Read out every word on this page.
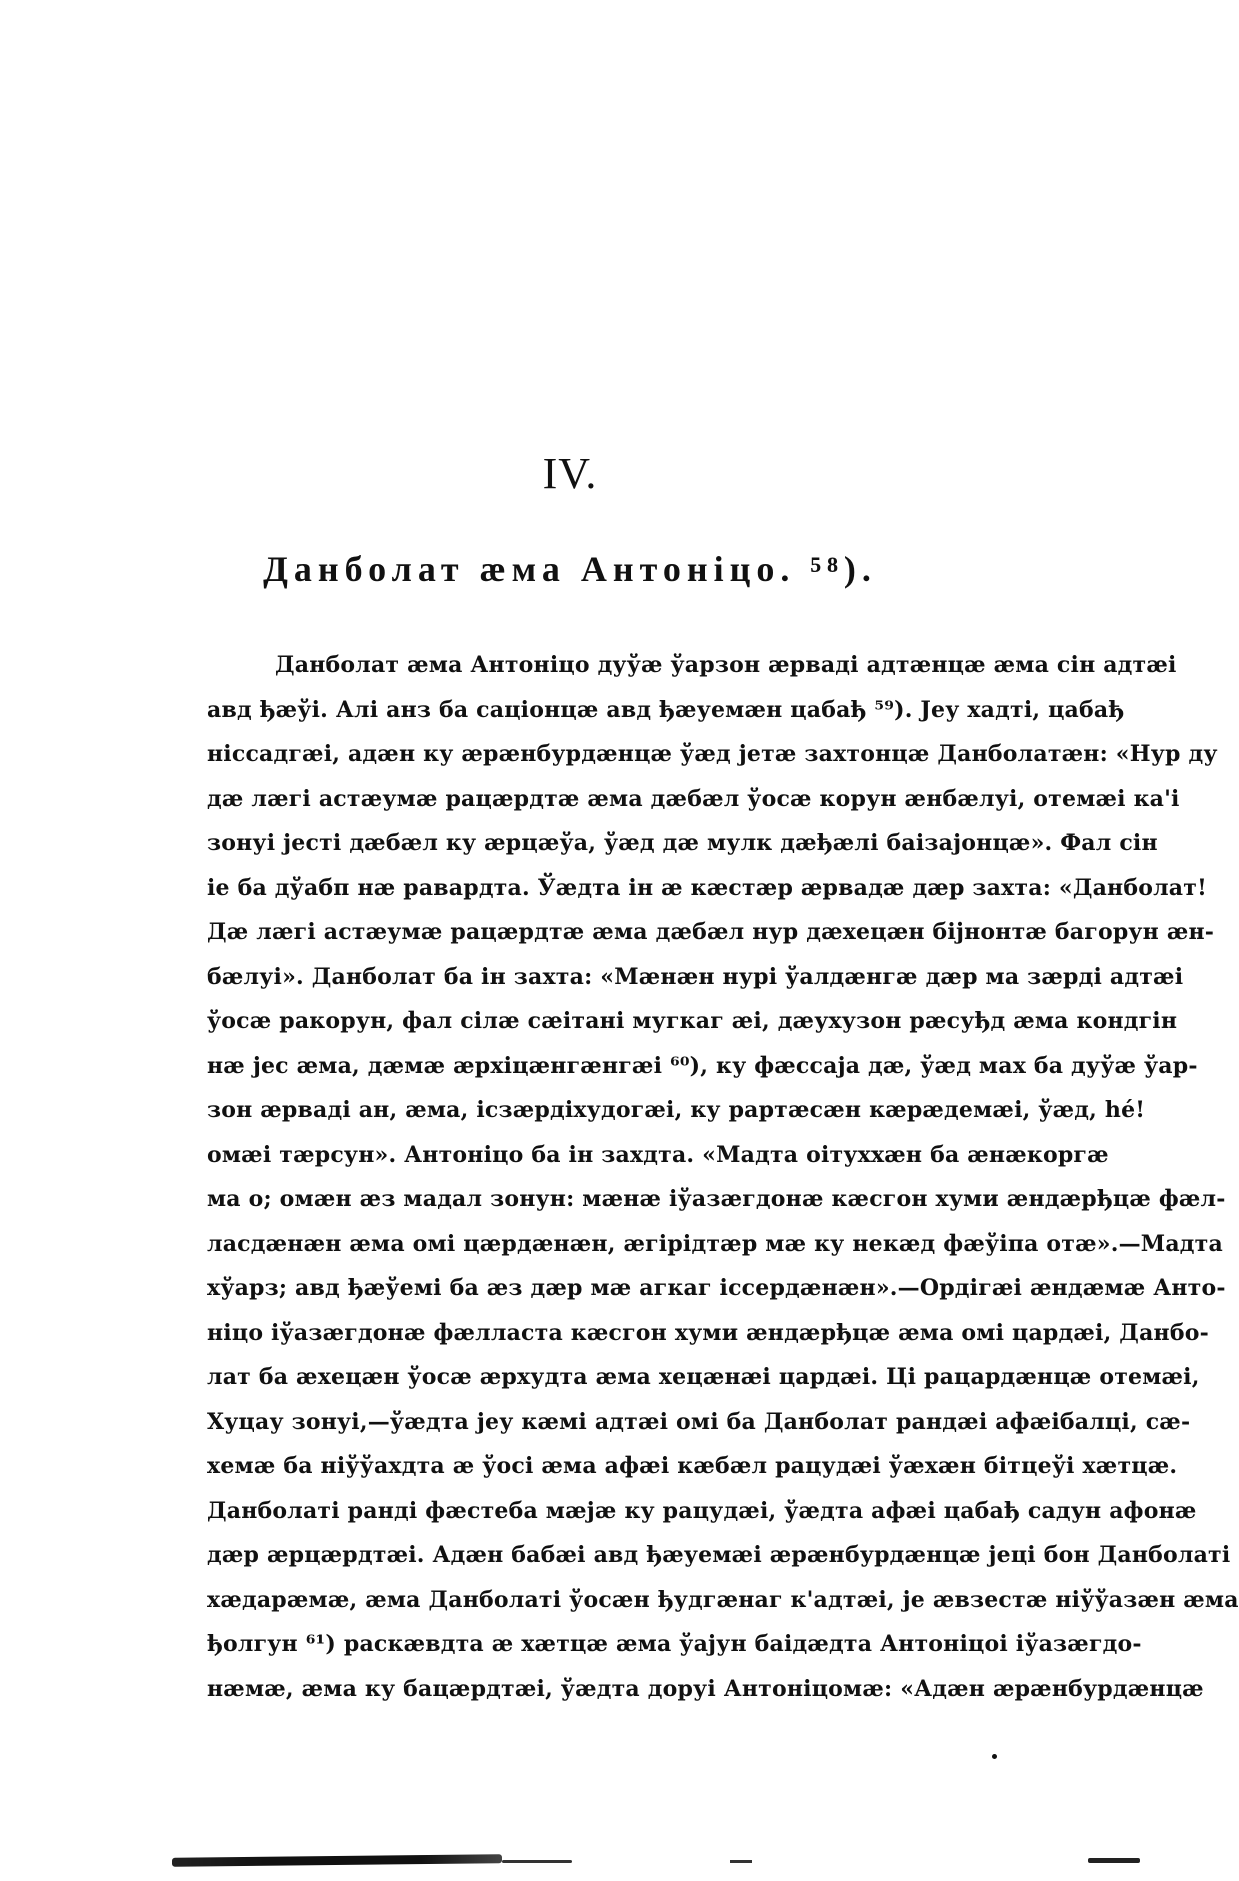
IV.
Данболат æма Антонiцо. ⁵⁸).
Данболат æма Антонiцо дуўæ ўарзон æрвадi адтæнцæ æма сiн адтæi
авд ђæўi. Алi анз ба сацiонцæ авд ђæуемæн цабађ ⁵⁹). Jеу хадтi, цабађ
нiссадгæi, адæн ку æрæнбурдæнцæ ўæд jетæ захтонцæ Данболатæн: «Нур ду
дæ лæгi астæумæ рацæрдтæ æма дæбæл ўосæ корун æнбæлуi, отемæi ка'i
зонуi jестi дæбæл ку æрцæўа, ўæд дæ мулк дæђæлi баiзаjонцæ». Фал сiн
iе ба дўабп нæ равардта. Ўæдта iн æ кæстæр æрвадæ дæр захта: «Данболат!
Дæ лæгi астæумæ рацæрдтæ æма дæбæл нур дæхецæн бiјнонтæ багорун æн-
бæлуi». Данболат ба iн захта: «Мæнæн нурi ўалдæнгæ дæр ма зæрдi адтæi
ўосæ ракорун, фал сiлæ сæiтанi мугкаг æi, дæухузон рæсуђд æма кондгiн
нæ jес æма, дæмæ æрхiцæнгæнгæi ⁶⁰), ку фæссаjа дæ, ўæд мах ба дуўæ ўар-
зон æрвадi ан, æма, iсзæрдiхудогæi, ку рартæсæн кæрæдемæi, ўæд, hé!
омæi тæрсун». Антонiцо ба iн захдта. «Мадта оiтуххæн ба æнæкоргæ
ма о; омæн æз мадал зонун: мæнæ iўазæгдонæ кæсгон хуми æндæрђцæ фæл-
ласдæнæн æма омi цæрдæнæн, æгiрiдтæр мæ ку некæд фæўiпа отæ».—Мадта
хўарз; авд ђæўемi ба æз дæр мæ агкаг iссердæнæн».—Ордiгæi æндæмæ Анто-
нiцо iўазæгдонæ фæлласта кæсгон хуми æндæрђцæ æма омi цардæi, Данбо-
лат ба æхецæн ўосæ æрхудта æма хецæнæi цардæi. Цi рацардæнцæ отемæi,
Хуцау зонуi,—ўæдта jеу кæмi адтæi омi ба Данболат рандæi афæiбалцi, сæ-
хемæ ба нiўўахдта æ ўосi æма афæi кæбæл рацудæi ўæхæн бiтцеўi хæтцæ.
Данболатi рандi фæстеба мæjæ ку рацудæi, ўæдта афæi цабађ садун афонæ
дæр æрцæрдтæi. Адæн бабæi авд ђæуемæi æрæнбурдæнцæ jецi бон Данболатi
хæдарæмæ, æма Данболатi ўосæн ђудгæнаг к'адтæi, jе æвзестæ нiўўазæн æма
ђолгун ⁶¹) раскæвдта æ хæтцæ æма ўаjун баiдæдта Антонiцоi iўазæгдо-
нæмæ, æма ку бацæрдтæi, ўæдта доруi Антонiцомæ: «Адæн æрæнбурдæнцæ
